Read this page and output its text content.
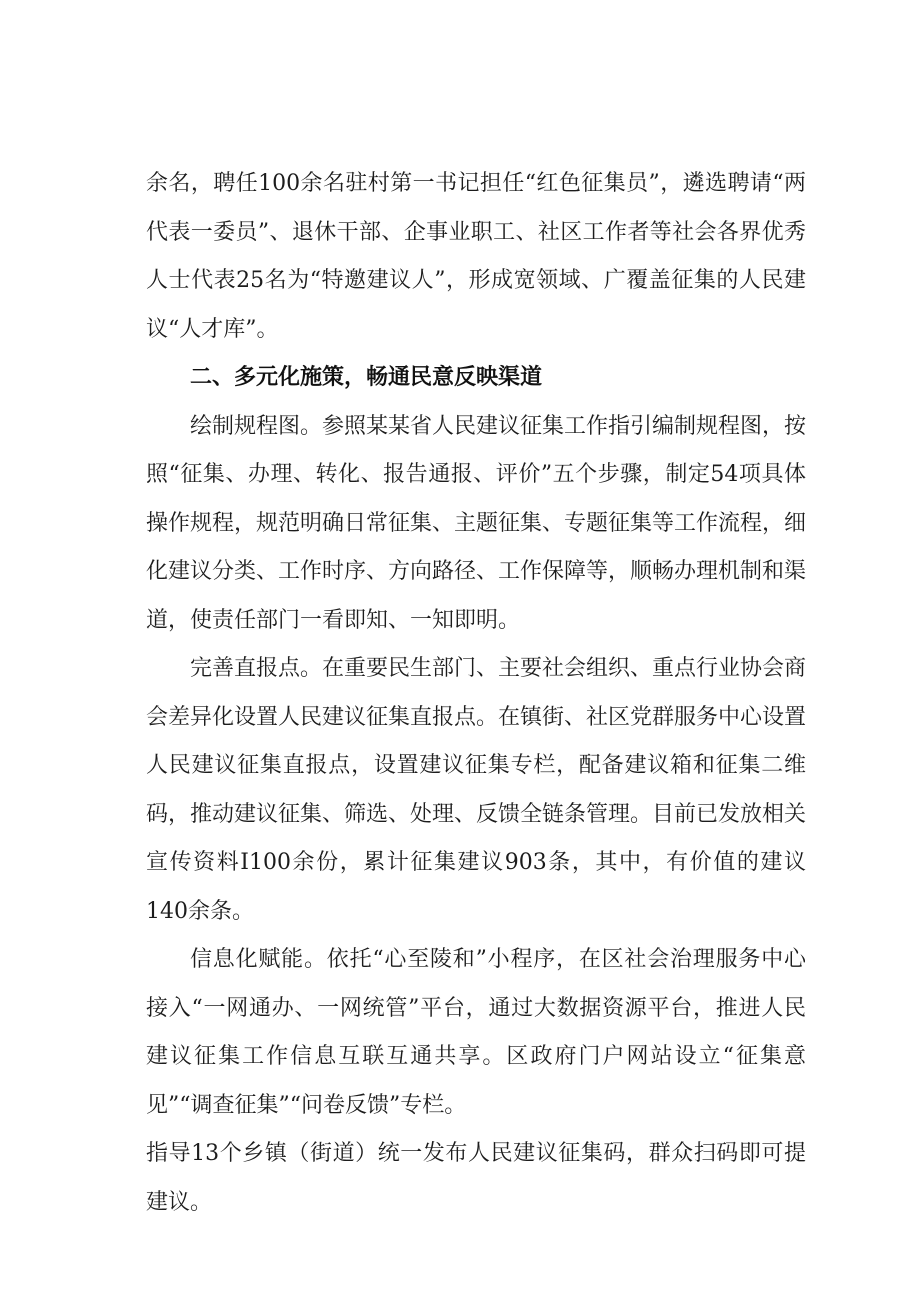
余名，聘任100余名驻村第一书记担任“红色征集员”，遴选聘请“两代表一委员”、退休干部、企事业职工、社区工作者等社会各界优秀人士代表25名为“特邀建议人”，形成宽领域、广覆盖征集的人民建议“人才库”。

二、多元化施策，畅通民意反映渠道

绘制规程图。参照某某省人民建议征集工作指引编制规程图，按照“征集、办理、转化、报告通报、评价”五个步骤，制定54项具体操作规程，规范明确日常征集、主题征集、专题征集等工作流程，细化建议分类、工作时序、方向路径、工作保障等，顺畅办理机制和渠道，使责任部门一看即知、一知即明。

完善直报点。在重要民生部门、主要社会组织、重点行业协会商会差异化设置人民建议征集直报点。在镇街、社区党群服务中心设置人民建议征集直报点，设置建议征集专栏，配备建议箱和征集二维码，推动建议征集、筛选、处理、反馈全链条管理。目前已发放相关宣传资料I100余份，累计征集建议903条，其中，有价值的建议140余条。

信息化赋能。依托“心至陵和”小程序，在区社会治理服务中心接入“一网通办、一网统管”平台，通过大数据资源平台，推进人民建议征集工作信息互联互通共享。区政府门户网站设立“征集意见”“调查征集”“问卷反馈”专栏。

指导13个乡镇（街道）统一发布人民建议征集码，群众扫码即可提建议。
